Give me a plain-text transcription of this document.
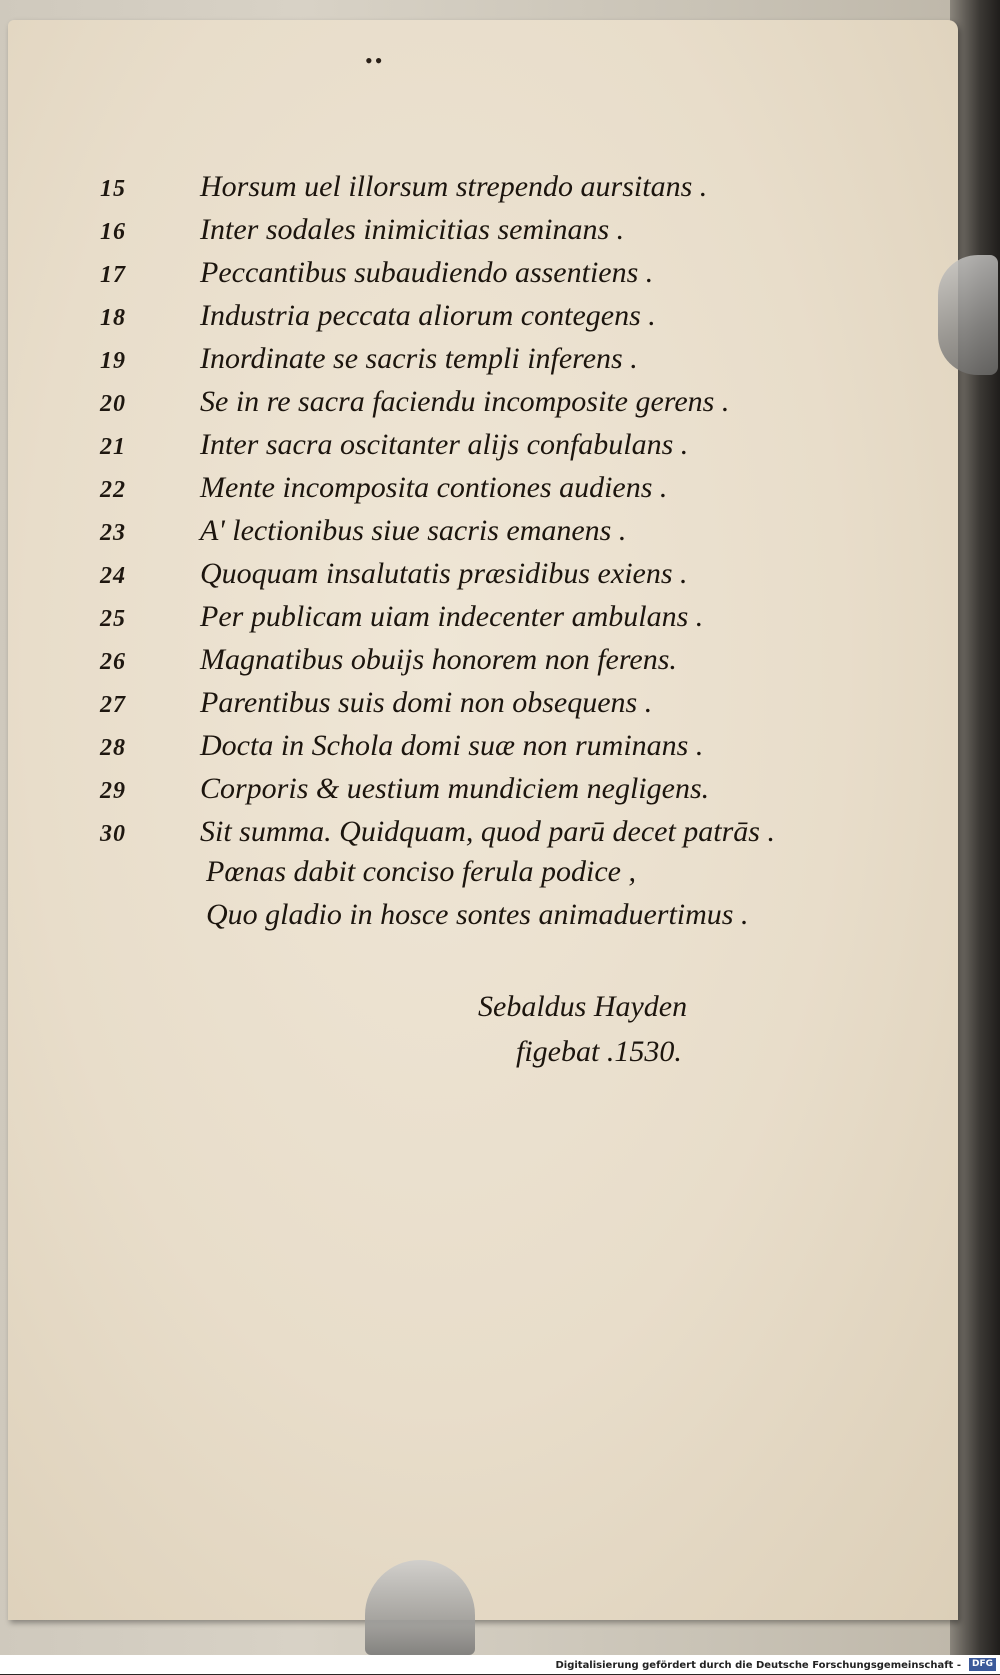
••
15	Horsum uel illorsum strependo aursitans .
16	Inter sodales inimicitias seminans .
17	Peccantibus subaudiendo assentiens .
18	Industria peccata aliorum contegens .
19	Inordinate se sacris templi inferens .
20	Se in re sacra faciendu incomposite gerens .
21	Inter sacra oscitanter alijs confabulans .
22	Mente incomposita contiones audiens .
23	A' lectionibus siue sacris emanens .
24	Quoquam insalutatis præsidibus exiens .
25	Per publicam uiam indecenter ambulans .
26	Magnatibus obuijs honorem non ferens.
27	Parentibus suis domi non obsequens .
28	Docta in Schola domi suæ non ruminans .
29	Corporis & uestium mundiciem negligens.
30	Sit summa. Quidquam, quod parū decet patrās .
Pœnas dabit concisо ferula podice ,
Quo gladio in hosce sontes animaduertimus .
Sebaldus Hayden
figebat .1530.
Digitalisierung gefördert durch die Deutsche Forschungsgemeinschaft - DFG
